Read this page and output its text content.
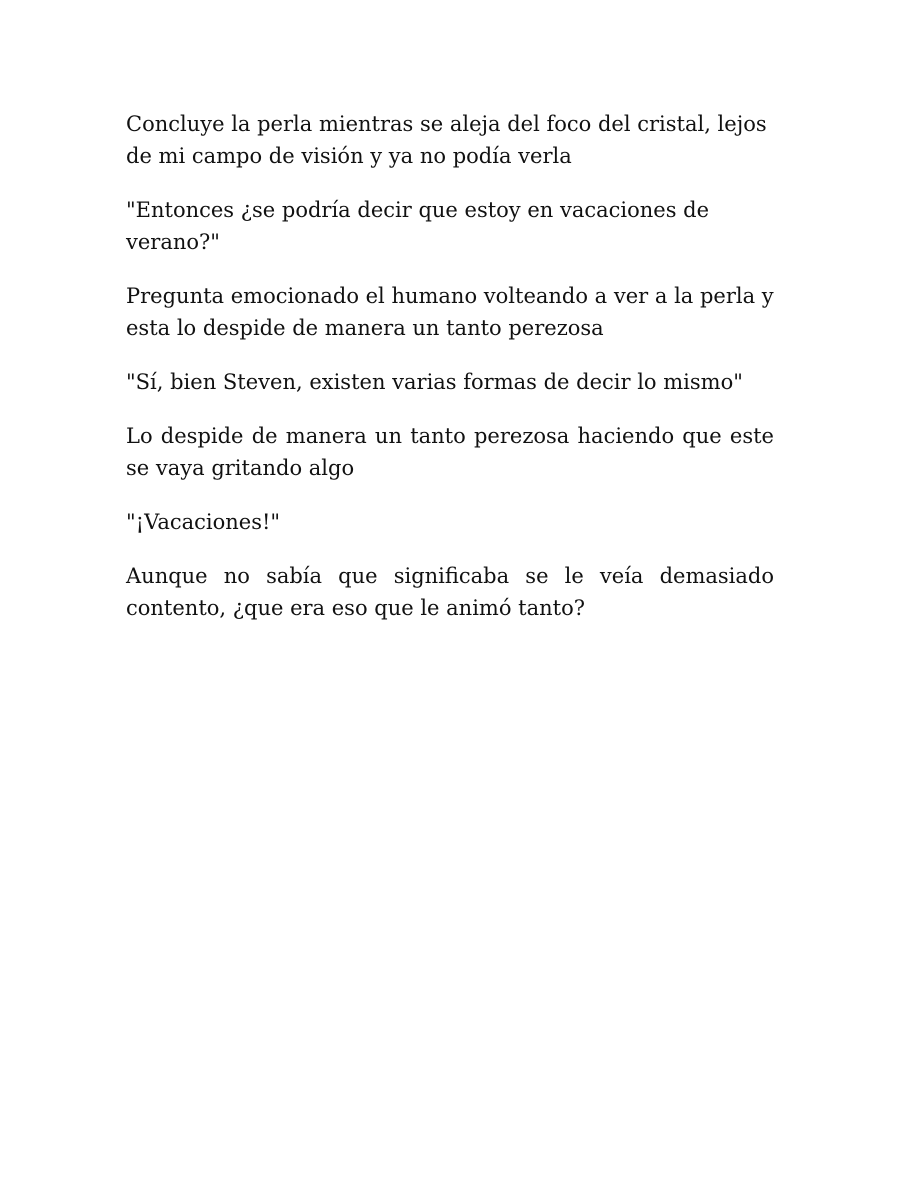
Concluye la perla mientras se aleja del foco del cristal, lejos de mi campo de visión y ya no podía verla

"Entonces ¿se podría decir que estoy en vacaciones de verano?"

Pregunta emocionado el humano volteando a ver a la perla y esta lo despide de manera un tanto perezosa

"Sí, bien Steven, existen varias formas de decir lo mismo"

Lo despide de manera un tanto perezosa haciendo que este se vaya gritando algo

"¡Vacaciones!"

Aunque no sabía que significaba se le veía demasiado contento, ¿que era eso que le animó tanto?
